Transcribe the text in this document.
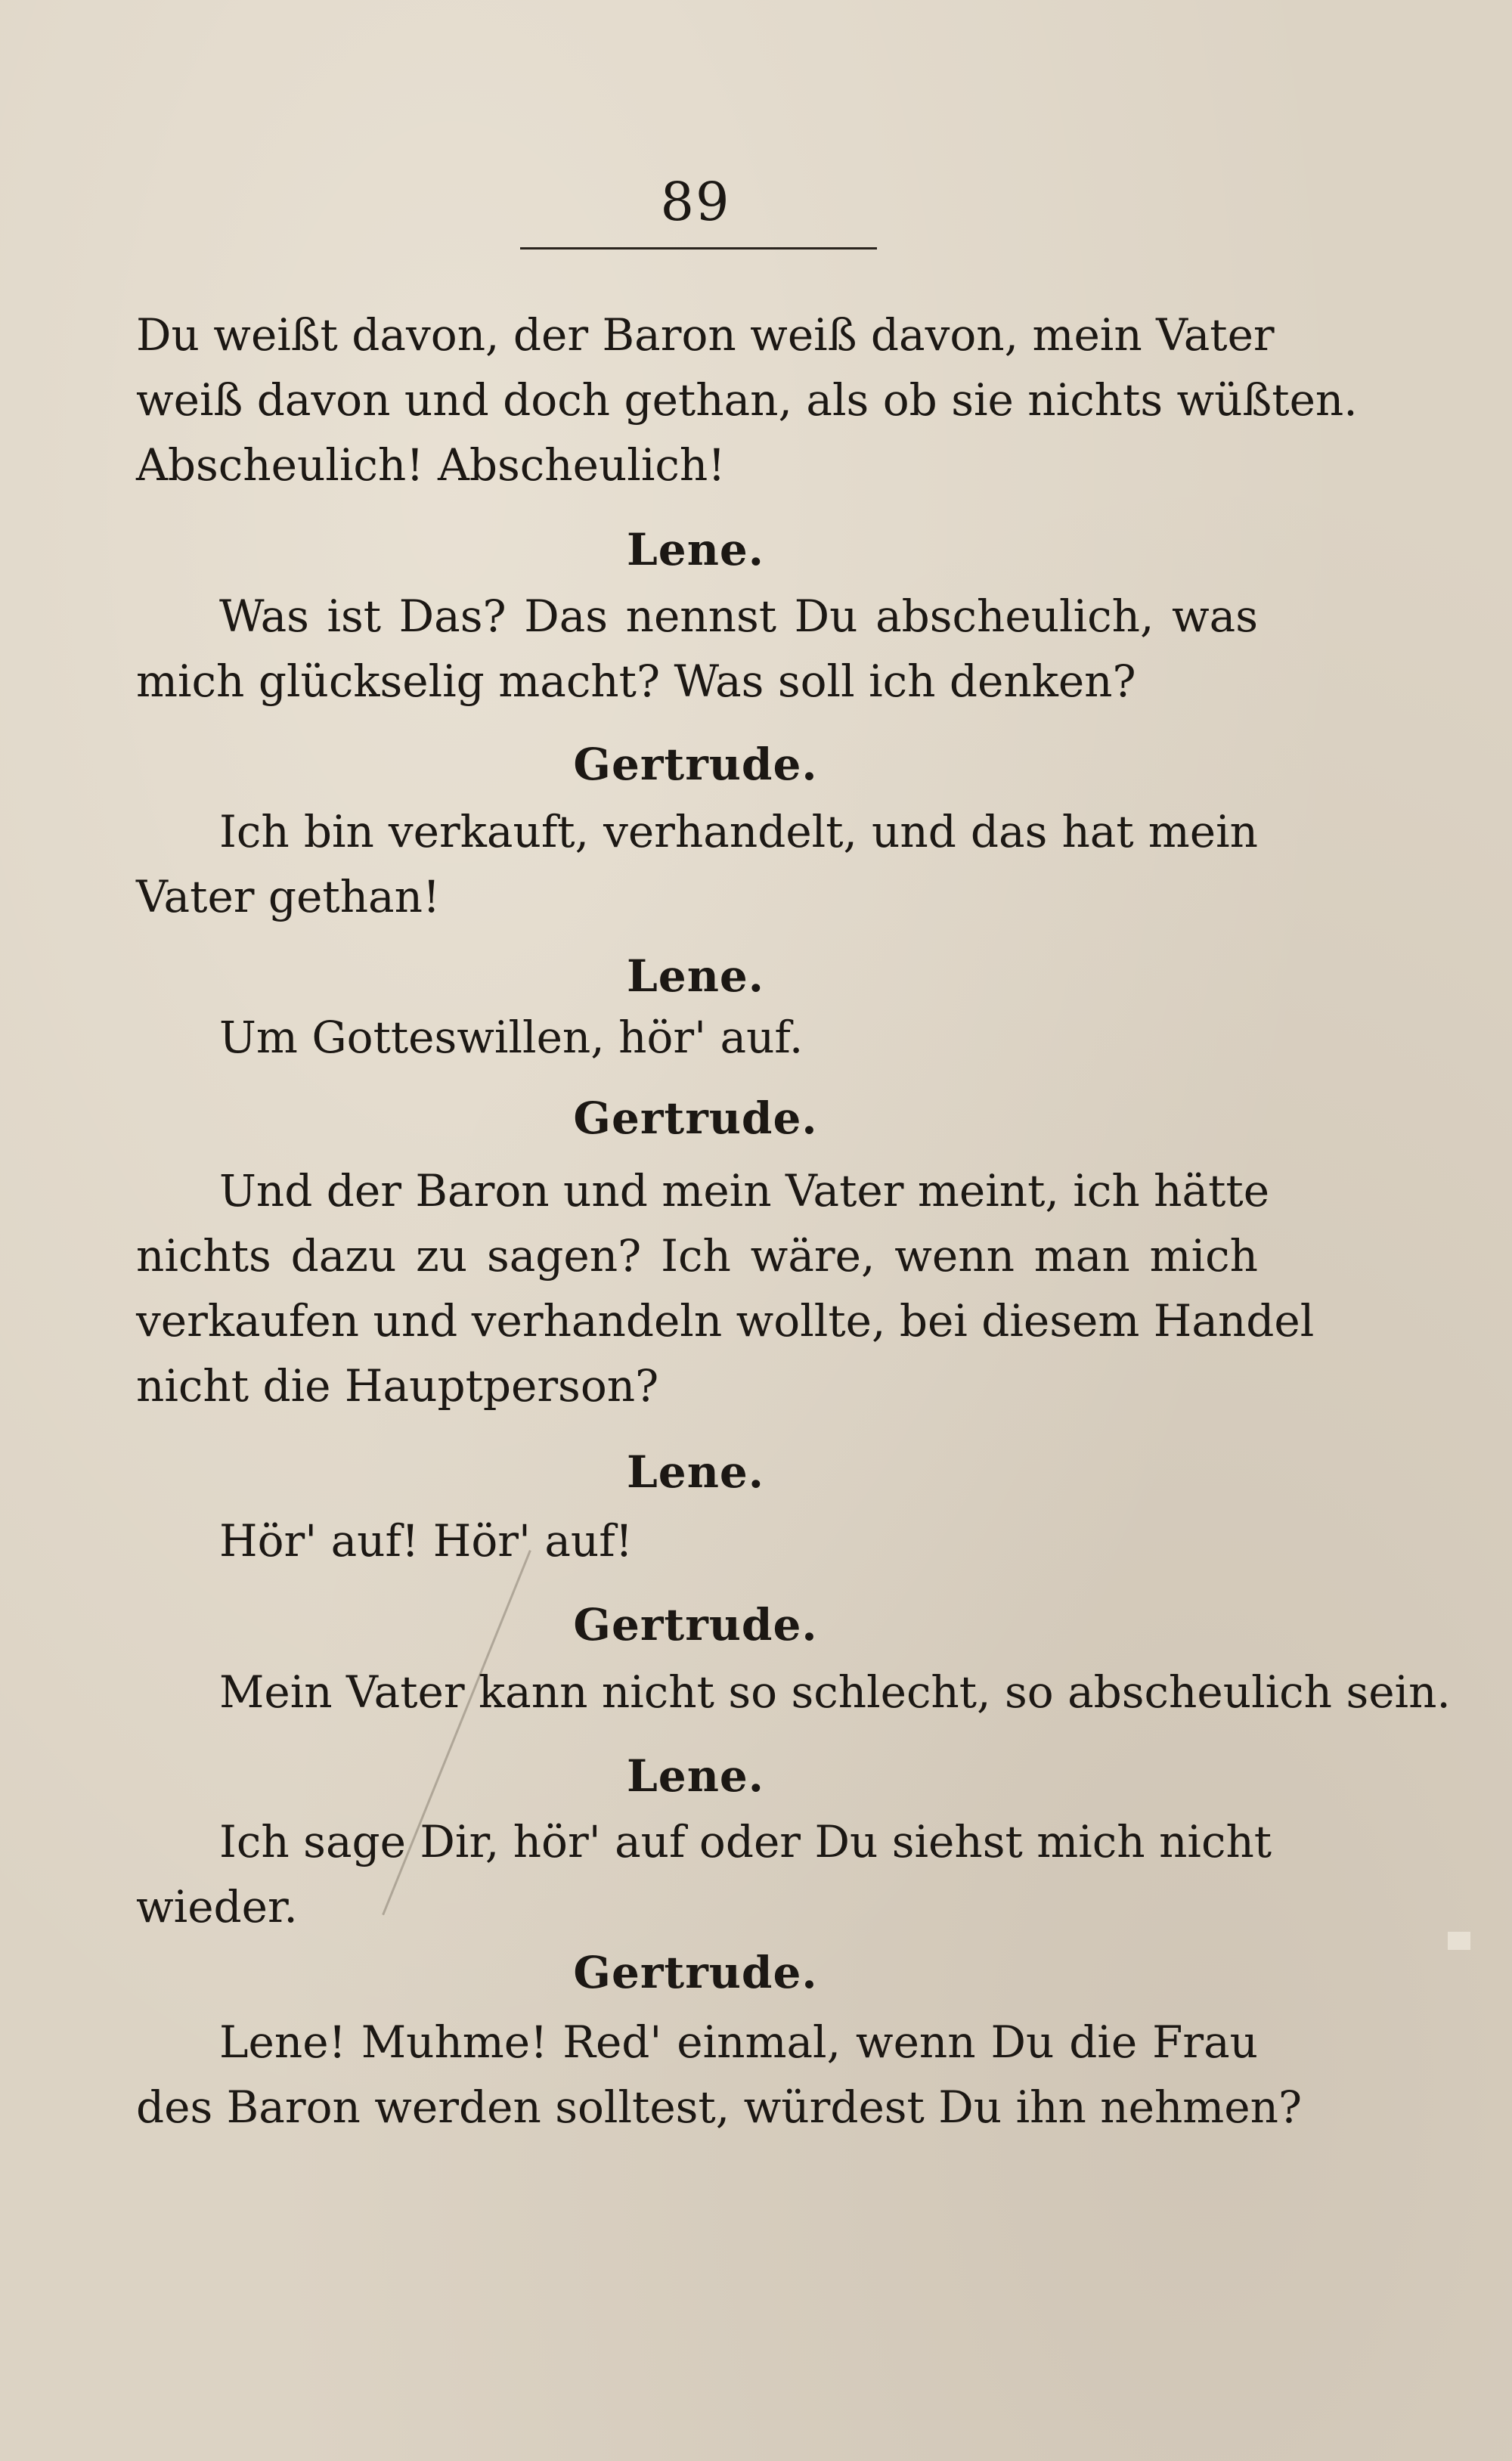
89
Du weißt davon, der Baron weiß davon, mein Vater
weiß davon und doch gethan, als ob sie nichts wüßten.
Abscheulich! Abscheulich!
Lene.
Was ist Das? Das nennst Du abscheulich, was
mich glückselig macht? Was soll ich denken?
Gertrude.
Ich bin verkauft, verhandelt, und das hat mein
Vater gethan!
Lene.
Um Gotteswillen, hör' auf.
Gertrude.
Und der Baron und mein Vater meint, ich hätte
nichts dazu zu sagen? Ich wäre, wenn man mich
verkaufen und verhandeln wollte, bei diesem Handel
nicht die Hauptperson?
Lene.
Hör' auf! Hör' auf!
Gertrude.
Mein Vater kann nicht so schlecht, so abscheulich sein.
Lene.
Ich sage Dir, hör' auf oder Du siehst mich nicht
wieder.
Gertrude.
Lene! Muhme! Red' einmal, wenn Du die Frau
des Baron werden solltest, würdest Du ihn nehmen?
